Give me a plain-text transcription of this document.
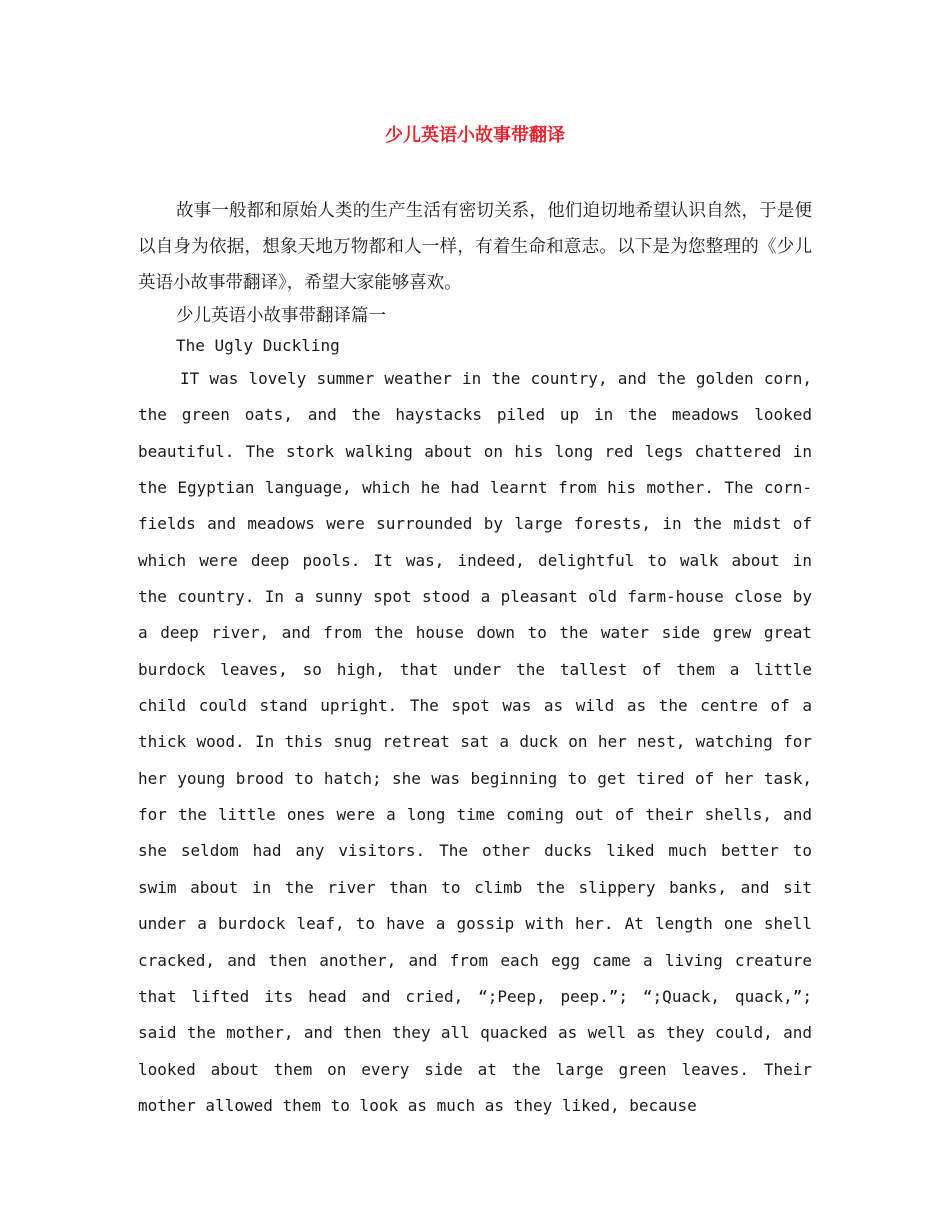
少儿英语小故事带翻译

故事一般都和原始人类的生产生活有密切关系，他们迫切地希望认识自然，于是便以自身为依据，想象天地万物都和人一样，有着生命和意志。以下是为您整理的《少儿英语小故事带翻译》，希望大家能够喜欢。

少儿英语小故事带翻译篇一

The Ugly Duckling

IT was lovely summer weather in the country, and the golden corn, the green oats, and the haystacks piled up in the meadows looked beautiful. The stork walking about on his long red legs chattered in the Egyptian language, which he had learnt from his mother. The corn-fields and meadows were surrounded by large forests, in the midst of which were deep pools. It was, indeed, delightful to walk about in the country. In a sunny spot stood a pleasant old farm-house close by a deep river, and from the house down to the water side grew great burdock leaves, so high, that under the tallest of them a little child could stand upright. The spot was as wild as the centre of a thick wood. In this snug retreat sat a duck on her nest, watching for her young brood to hatch; she was beginning to get tired of her task, for the little ones were a long time coming out of their shells, and she seldom had any visitors. The other ducks liked much better to swim about in the river than to climb the slippery banks, and sit under a burdock leaf, to have a gossip with her. At length one shell cracked, and then another, and from each egg came a living creature that lifted its head and cried, “;Peep, peep.”; “;Quack, quack,”; said the mother, and then they all quacked as well as they could, and looked about them on every side at the large green leaves. Their mother allowed them to look as much as they liked, because
